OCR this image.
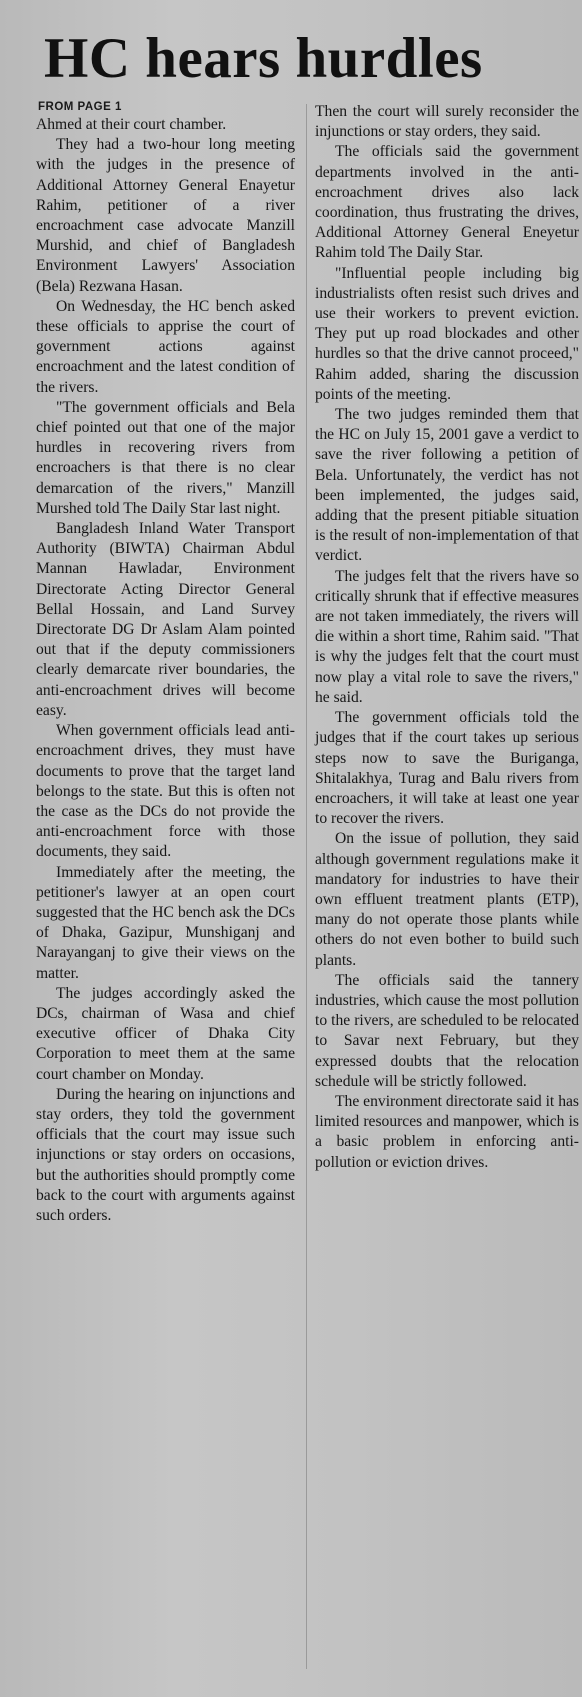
HC hears hurdles
FROM PAGE 1

Ahmed at their court chamber.

They had a two-hour long meeting with the judges in the presence of Additional Attorney General Enayetur Rahim, petitioner of a river encroachment case advocate Manzill Murshid, and chief of Bangladesh Environment Lawyers' Association (Bela) Rezwana Hasan.

On Wednesday, the HC bench asked these officials to apprise the court of government actions against encroachment and the latest condition of the rivers.

"The government officials and Bela chief pointed out that one of the major hurdles in recovering rivers from encroachers is that there is no clear demarcation of the rivers," Manzill Murshed told The Daily Star last night.

Bangladesh Inland Water Transport Authority (BIWTA) Chairman Abdul Mannan Hawladar, Environment Directorate Acting Director General Bellal Hossain, and Land Survey Directorate DG Dr Aslam Alam pointed out that if the deputy commissioners clearly demarcate river boundaries, the anti-encroachment drives will become easy.

When government officials lead anti-encroachment drives, they must have documents to prove that the target land belongs to the state. But this is often not the case as the DCs do not provide the anti-encroachment force with those documents, they said.

Immediately after the meeting, the petitioner's lawyer at an open court suggested that the HC bench ask the DCs of Dhaka, Gazipur, Munshiganj and Narayanganj to give their views on the matter.

The judges accordingly asked the DCs, chairman of Wasa and chief executive officer of Dhaka City Corporation to meet them at the same court chamber on Monday.

During the hearing on injunctions and stay orders, they told the government officials that the court may issue such injunctions or stay orders on occasions, but the authorities should promptly come back to the court with arguments against such orders.

Then the court will surely reconsider the injunctions or stay orders, they said.

The officials said the government departments involved in the anti-encroachment drives also lack coordination, thus frustrating the drives, Additional Attorney General Eneyetur Rahim told The Daily Star.

"Influential people including big industrialists often resist such drives and use their workers to prevent eviction. They put up road blockades and other hurdles so that the drive cannot proceed," Rahim added, sharing the discussion points of the meeting.

The two judges reminded them that the HC on July 15, 2001 gave a verdict to save the river following a petition of Bela. Unfortunately, the verdict has not been implemented, the judges said, adding that the present pitiable situation is the result of non-implementation of that verdict.

The judges felt that the rivers have so critically shrunk that if effective measures are not taken immediately, the rivers will die within a short time, Rahim said. "That is why the judges felt that the court must now play a vital role to save the rivers," he said.

The government officials told the judges that if the court takes up serious steps now to save the Buriganga, Shitalakhya, Turag and Balu rivers from encroachers, it will take at least one year to recover the rivers.

On the issue of pollution, they said although government regulations make it mandatory for industries to have their own effluent treatment plants (ETP), many do not operate those plants while others do not even bother to build such plants.

The officials said the tannery industries, which cause the most pollution to the rivers, are scheduled to be relocated to Savar next February, but they expressed doubts that the relocation schedule will be strictly followed.

The environment directorate said it has limited resources and manpower, which is a basic problem in enforcing anti-pollution or eviction drives.
